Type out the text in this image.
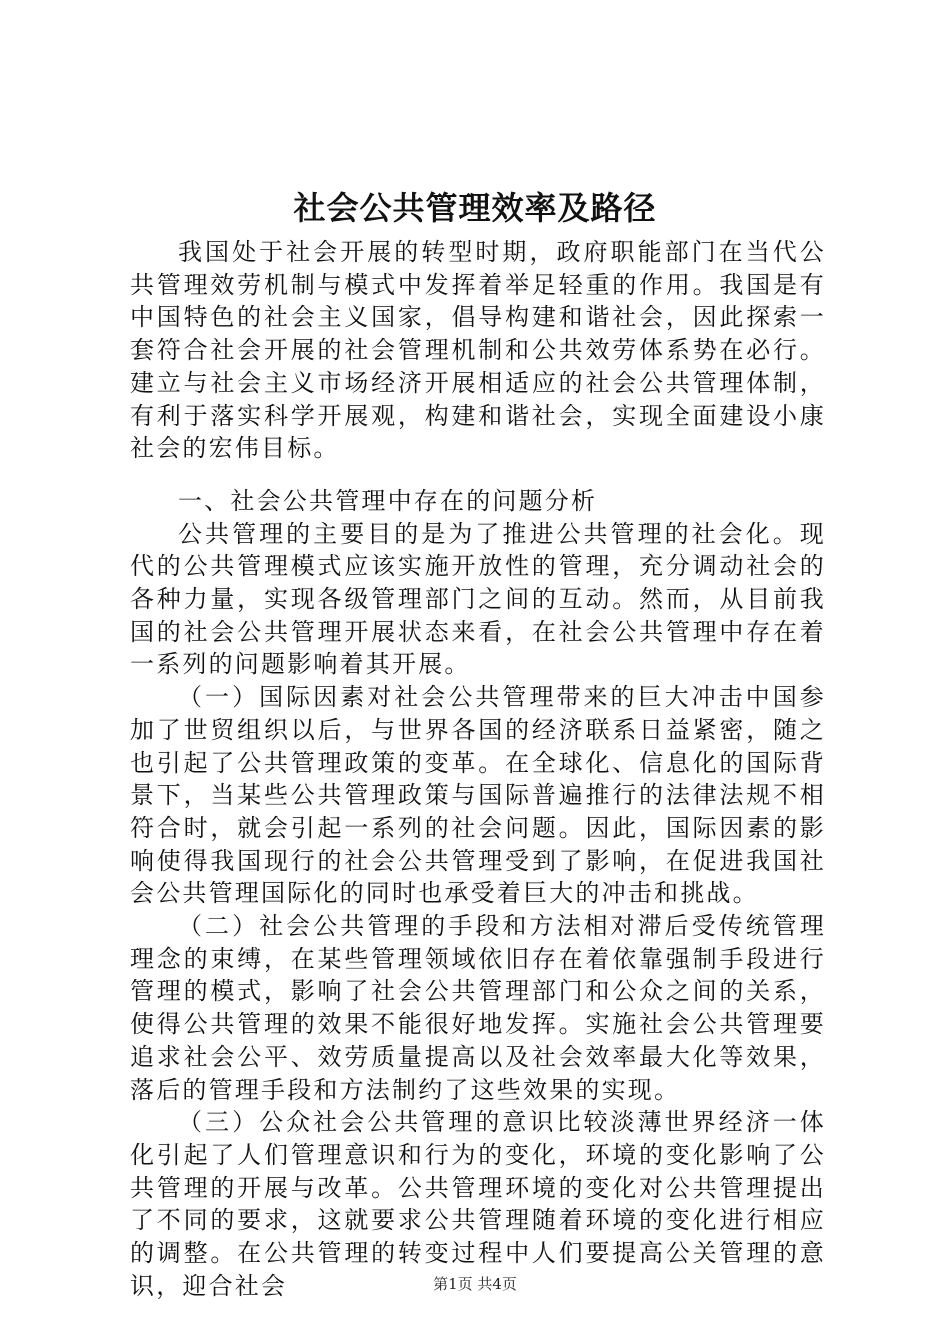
社会公共管理效率及路径

我国处于社会开展的转型时期，政府职能部门在当代公共管理效劳机制与模式中发挥着举足轻重的作用。我国是有中国特色的社会主义国家，倡导构建和谐社会，因此探索一套符合社会开展的社会管理机制和公共效劳体系势在必行。建立与社会主义市场经济开展相适应的社会公共管理体制，有利于落实科学开展观，构建和谐社会，实现全面建设小康社会的宏伟目标。

一、社会公共管理中存在的问题分析

公共管理的主要目的是为了推进公共管理的社会化。现代的公共管理模式应该实施开放性的管理，充分调动社会的各种力量，实现各级管理部门之间的互动。然而，从目前我国的社会公共管理开展状态来看，在社会公共管理中存在着一系列的问题影响着其开展。

（一）国际因素对社会公共管理带来的巨大冲击中国参加了世贸组织以后，与世界各国的经济联系日益紧密，随之也引起了公共管理政策的变革。在全球化、信息化的国际背景下，当某些公共管理政策与国际普遍推行的法律法规不相符合时，就会引起一系列的社会问题。因此，国际因素的影响使得我国现行的社会公共管理受到了影响，在促进我国社会公共管理国际化的同时也承受着巨大的冲击和挑战。

（二）社会公共管理的手段和方法相对滞后受传统管理理念的束缚，在某些管理领域依旧存在着依靠强制手段进行管理的模式，影响了社会公共管理部门和公众之间的关系，使得公共管理的效果不能很好地发挥。实施社会公共管理要追求社会公平、效劳质量提高以及社会效率最大化等效果，落后的管理手段和方法制约了这些效果的实现。

（三）公众社会公共管理的意识比较淡薄世界经济一体化引起了人们管理意识和行为的变化，环境的变化影响了公共管理的开展与改革。公共管理环境的变化对公共管理提出了不同的要求，这就要求公共管理随着环境的变化进行相应的调整。在公共管理的转变过程中人们要提高公关管理的意识，迎合社会	第1页 共4页
